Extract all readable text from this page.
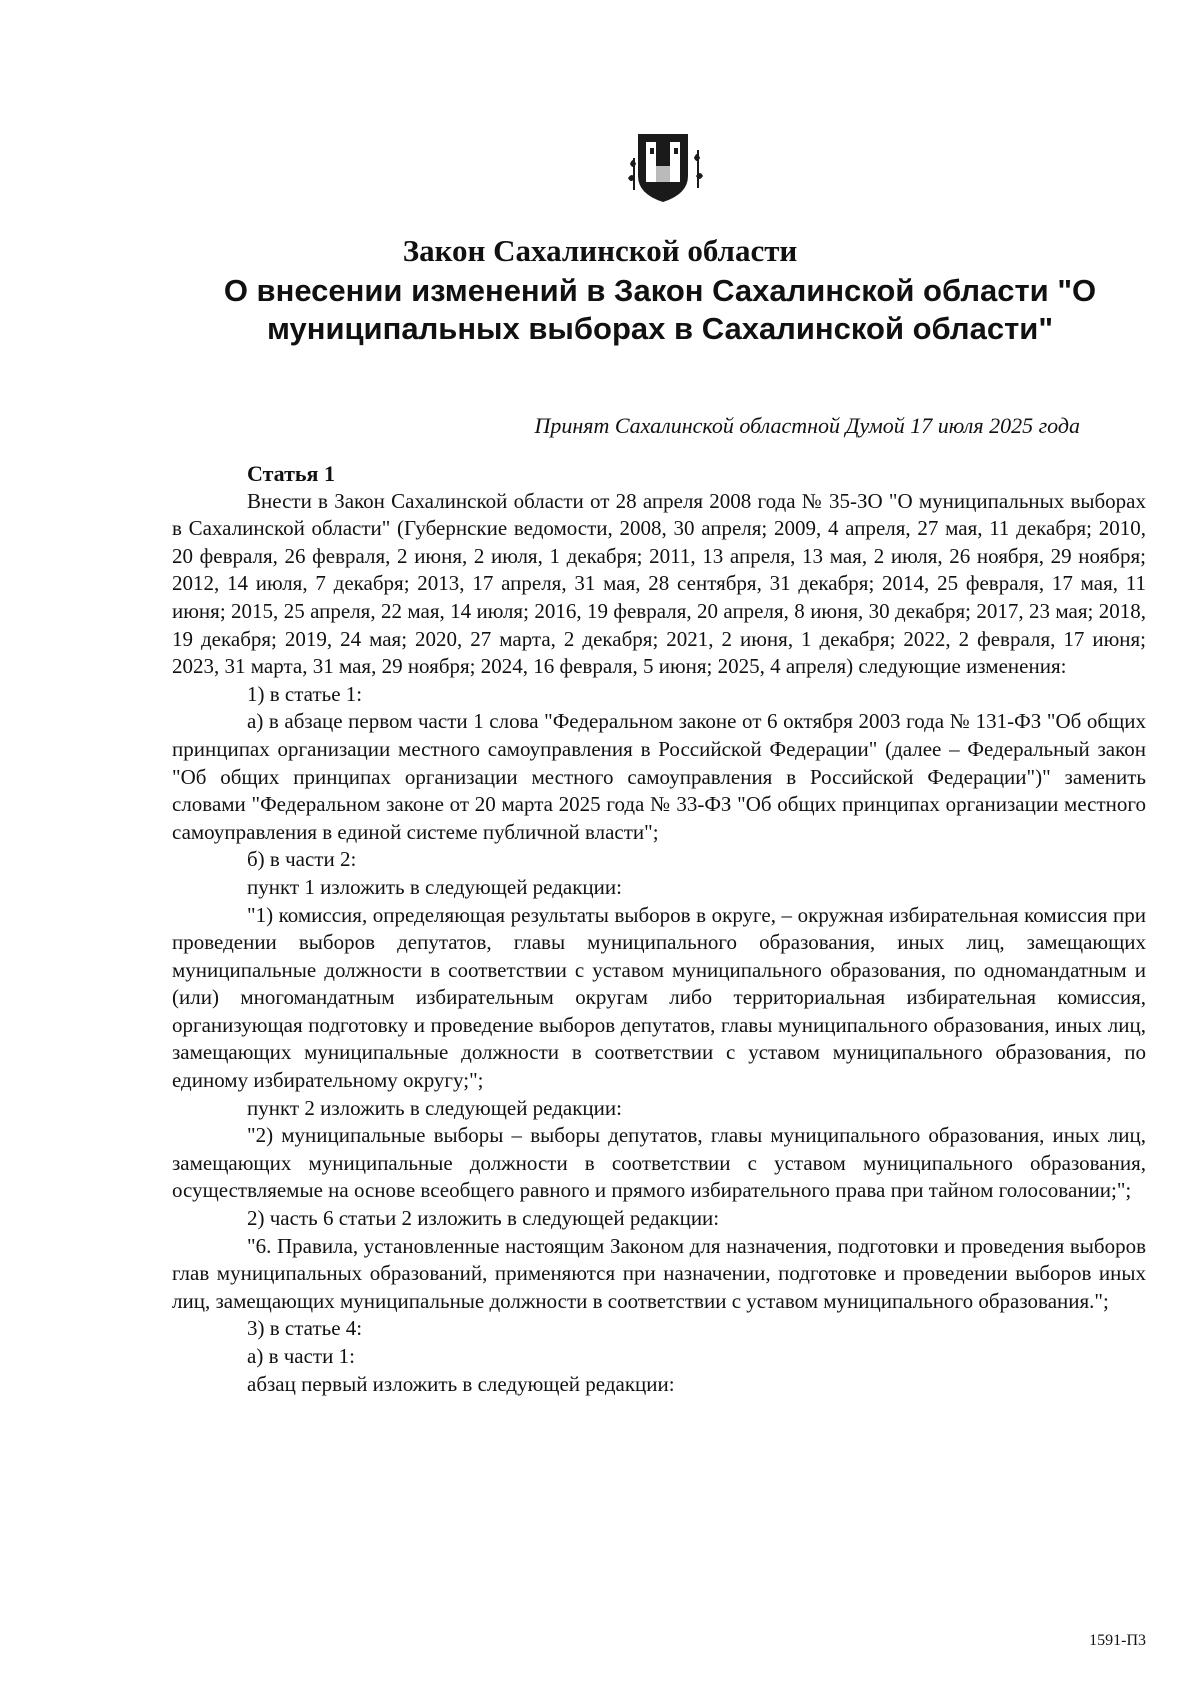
Закон Сахалинской области
О внесении изменений в Закон Сахалинской области "О муниципальных выборах в Сахалинской области"
Принят Сахалинской областной Думой 17 июля 2025 года
Статья 1

Внести в Закон Сахалинской области от 28 апреля 2008 года № 35-ЗО "О муниципальных выборах в Сахалинской области" (Губернские ведомости, 2008, 30 апреля; 2009, 4 апреля, 27 мая, 11 декабря; 2010, 20 февраля, 26 февраля, 2 июня, 2 июля, 1 декабря; 2011, 13 апреля, 13 мая, 2 июля, 26 ноября, 29 ноября; 2012, 14 июля, 7 декабря; 2013, 17 апреля, 31 мая, 28 сентября, 31 декабря; 2014, 25 февраля, 17 мая, 11 июня; 2015, 25 апреля, 22 мая, 14 июля; 2016, 19 февраля, 20 апреля, 8 июня, 30 декабря; 2017, 23 мая; 2018, 19 декабря; 2019, 24 мая; 2020, 27 марта, 2 декабря; 2021, 2 июня, 1 декабря; 2022, 2 февраля, 17 июня; 2023, 31 марта, 31 мая, 29 ноября; 2024, 16 февраля, 5 июня; 2025, 4 апреля) следующие изменения:

1) в статье 1:

а) в абзаце первом части 1 слова "Федеральном законе от 6 октября 2003 года № 131-ФЗ "Об общих принципах организации местного самоуправления в Российской Федерации" (далее – Федеральный закон "Об общих принципах организации местного самоуправления в Российской Федерации")" заменить словами "Федеральном законе от 20 марта 2025 года № 33-ФЗ "Об общих принципах организации местного самоуправления в единой системе публичной власти";

б) в части 2:

пункт 1 изложить в следующей редакции:

"1) комиссия, определяющая результаты выборов в округе, – окружная избирательная комиссия при проведении выборов депутатов, главы муниципального образования, иных лиц, замещающих муниципальные должности в соответствии с уставом муниципального образования, по одномандатным и (или) многомандатным избирательным округам либо территориальная избирательная комиссия, организующая подготовку и проведение выборов депутатов, главы муниципального образования, иных лиц, замещающих муниципальные должности в соответствии с уставом муниципального образования, по единому избирательному округу;";

пункт 2 изложить в следующей редакции:

"2) муниципальные выборы – выборы депутатов, главы муниципального образования, иных лиц, замещающих муниципальные должности в соответствии с уставом муниципального образования, осуществляемые на основе всеобщего равного и прямого избирательного права при тайном голосовании;";

2) часть 6 статьи 2 изложить в следующей редакции:

"6. Правила, установленные настоящим Законом для назначения, подготовки и проведения выборов глав муниципальных образований, применяются при назначении, подготовке и проведении выборов иных лиц, замещающих муниципальные должности в соответствии с уставом муниципального образования.";

3) в статье 4:

а) в части 1:

абзац первый изложить в следующей редакции:

1591-П3
